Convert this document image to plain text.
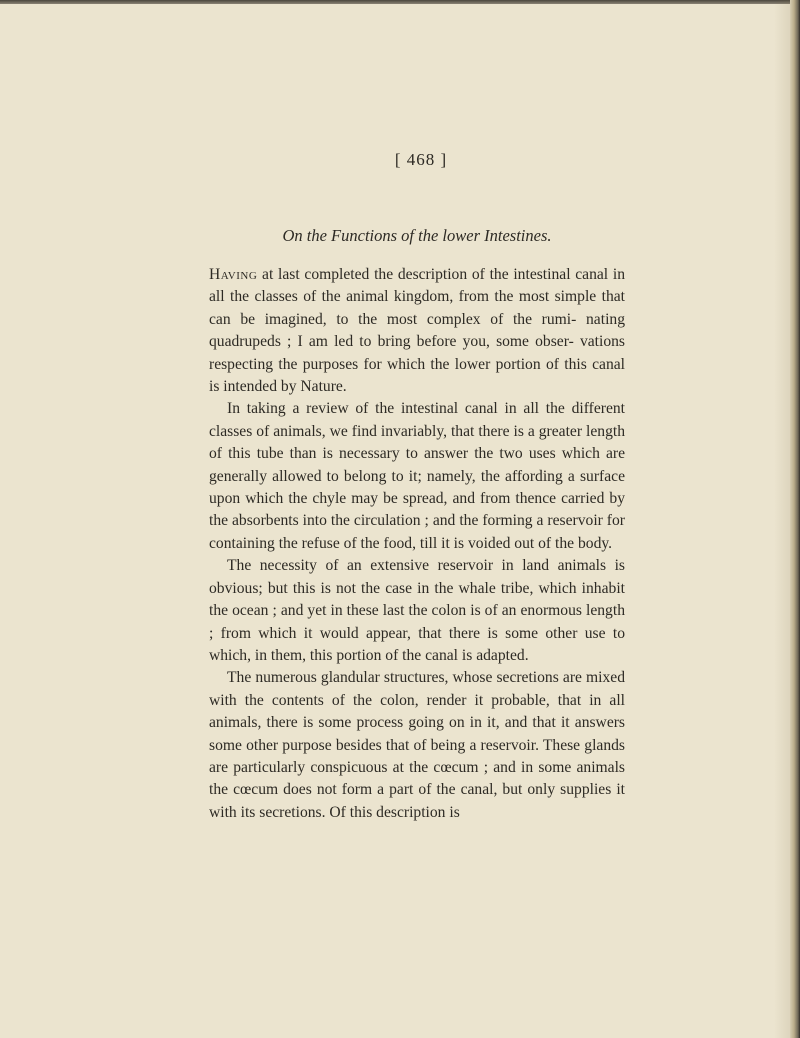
[ 468 ]
On the Functions of the lower Intestines.

Having at last completed the description of the intestinal canal in all the classes of the animal kingdom, from the most simple that can be imagined, to the most complex of the rumi- nating quadrupeds ; I am led to bring before you, some obser- vations respecting the purposes for which the lower portion of this canal is intended by Nature.

In taking a review of the intestinal canal in all the different classes of animals, we find invariably, that there is a greater length of this tube than is necessary to answer the two uses which are generally allowed to belong to it; namely, the affording a surface upon which the chyle may be spread, and from thence carried by the absorbents into the circulation ; and the forming a reservoir for containing the refuse of the food, till it is voided out of the body.

The necessity of an extensive reservoir in land animals is obvious; but this is not the case in the whale tribe, which inhabit the ocean ; and yet in these last the colon is of an enormous length ; from which it would appear, that there is some other use to which, in them, this portion of the canal is adapted.

The numerous glandular structures, whose secretions are mixed with the contents of the colon, render it probable, that in all animals, there is some process going on in it, and that it answers some other purpose besides that of being a reservoir. These glands are particularly conspicuous at the cœcum ; and in some animals the cœcum does not form a part of the canal, but only supplies it with its secretions. Of this description is
